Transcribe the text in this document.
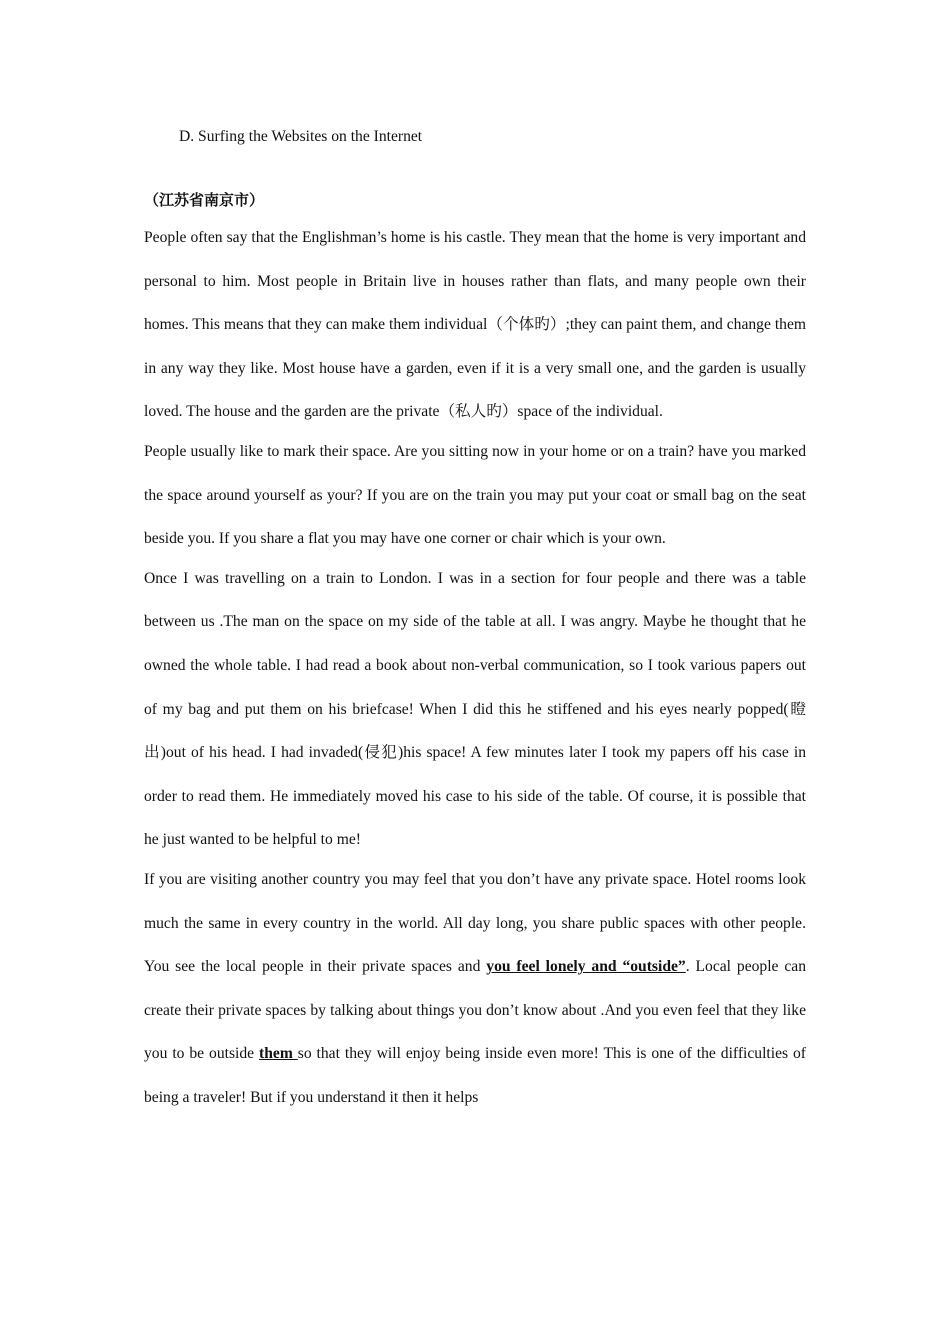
D. Surfing the Websites on the Internet
（江苏省南京市）

People often say that the Englishman’s home is his castle. They mean that the home is very important and personal to him. Most people in Britain live in houses rather than flats, and many people own their homes. This means that they can make them individual（个体旳）;they can paint them, and change them in any way they like. Most house have a garden, even if it is a very small one, and the garden is usually loved. The house and the garden are the private（私人旳）space of the individual.

People usually like to mark their space. Are you sitting now in your home or on a train? have you marked the space around yourself as your? If you are on the train you may put your coat or small bag on the seat beside you. If you share a flat you may have one corner or chair which is your own.

Once I was travelling on a train to London. I was in a section for four people and there was a table between us .The man on the space on my side of the table at all. I was angry. Maybe he thought that he owned the whole table. I had read a book about non-verbal communication, so I took various papers out of my bag and put them on his briefcase! When I did this he stiffened and his eyes nearly popped(瞪出)out of his head. I had invaded(侵犯)his space! A few minutes later I took my papers off his case in order to read them. He immediately moved his case to his side of the table. Of course, it is possible that he just wanted to be helpful to me!

If you are visiting another country you may feel that you don’t have any private space. Hotel rooms look much the same in every country in the world. All day long, you share public spaces with other people. You see the local people in their private spaces and you feel lonely and “outside”. Local people can create their private spaces by talking about things you don’t know about .And you even feel that they like you to be outside them so that they will enjoy being inside even more! This is one of the difficulties of being a traveler! But if you understand it then it helps
